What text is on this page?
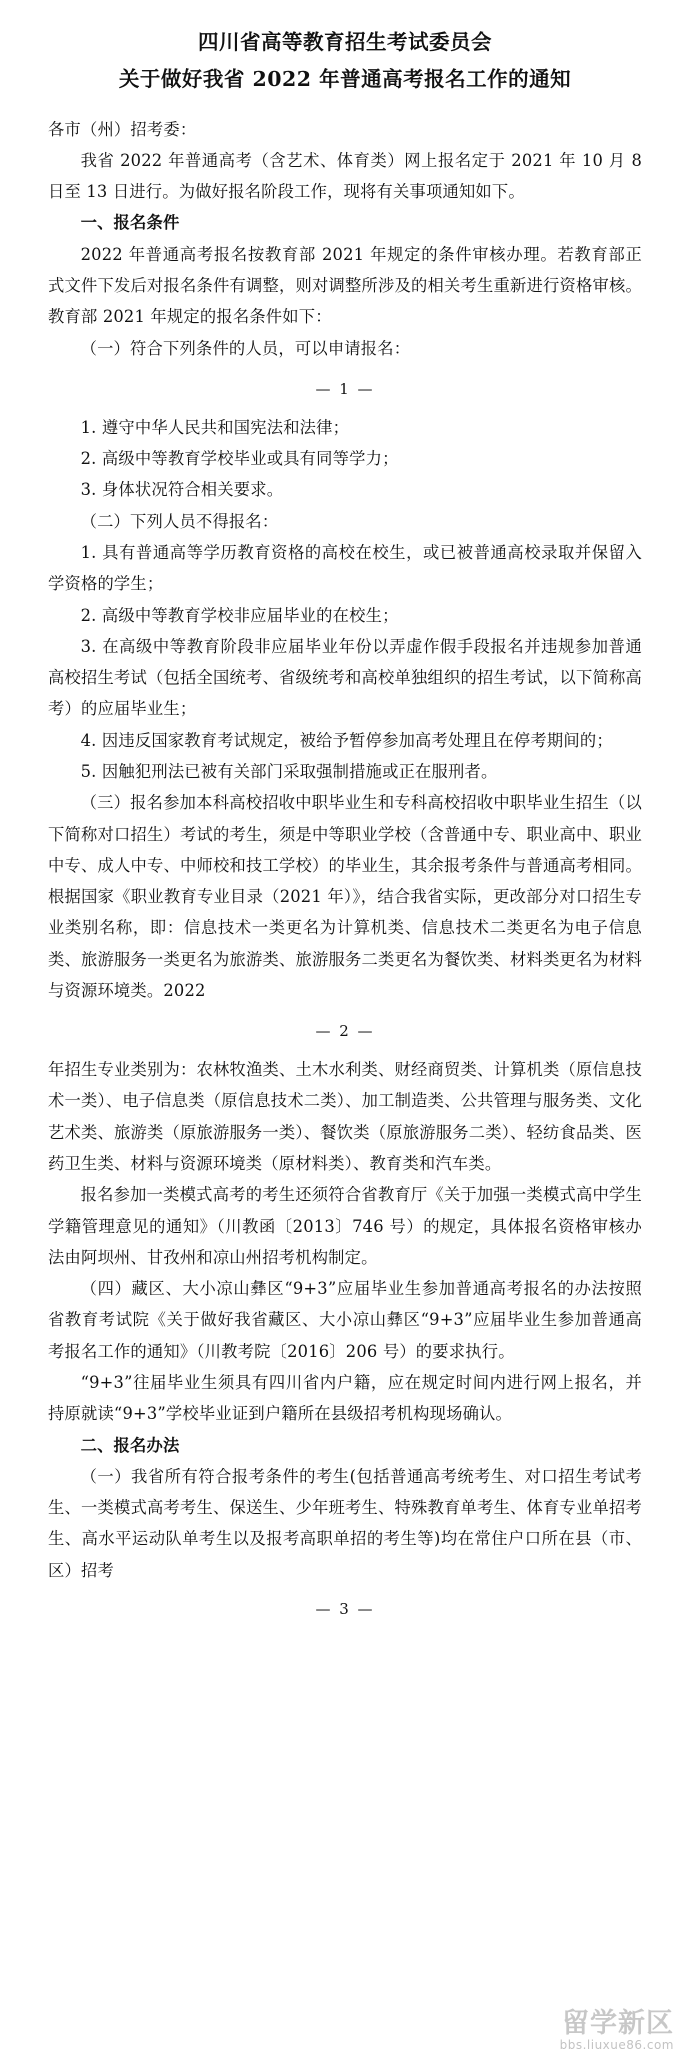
四川省高等教育招生考试委员会
关于做好我省 2022 年普通高考报名工作的通知

各市（州）招考委：

我省 2022 年普通高考（含艺术、体育类）网上报名定于 2021 年 10 月 8 日至 13 日进行。为做好报名阶段工作，现将有关事项通知如下。

一、报名条件

2022 年普通高考报名按教育部 2021 年规定的条件审核办理。若教育部正式文件下发后对报名条件有调整，则对调整所涉及的相关考生重新进行资格审核。教育部 2021 年规定的报名条件如下：

（一）符合下列条件的人员，可以申请报名：

— 1 —

1. 遵守中华人民共和国宪法和法律；

2. 高级中等教育学校毕业或具有同等学力；

3. 身体状况符合相关要求。

（二）下列人员不得报名：

1. 具有普通高等学历教育资格的高校在校生，或已被普通高校录取并保留入学资格的学生；

2. 高级中等教育学校非应届毕业的在校生；

3. 在高级中等教育阶段非应届毕业年份以弄虚作假手段报名并违规参加普通高校招生考试（包括全国统考、省级统考和高校单独组织的招生考试，以下简称高考）的应届毕业生；

4. 因违反国家教育考试规定，被给予暂停参加高考处理且在停考期间的；

5. 因触犯刑法已被有关部门采取强制措施或正在服刑者。

（三）报名参加本科高校招收中职毕业生和专科高校招收中职毕业生招生（以下简称对口招生）考试的考生，须是中等职业学校（含普通中专、职业高中、职业中专、成人中专、中师校和技工学校）的毕业生，其余报考条件与普通高考相同。根据国家《职业教育专业目录（2021 年）》，结合我省实际，更改部分对口招生专业类别名称，即：信息技术一类更名为计算机类、信息技术二类更名为电子信息类、旅游服务一类更名为旅游类、旅游服务二类更名为餐饮类、材料类更名为材料与资源环境类。2022

— 2 —

年招生专业类别为：农林牧渔类、土木水利类、财经商贸类、计算机类（原信息技术一类）、电子信息类（原信息技术二类）、加工制造类、公共管理与服务类、文化艺术类、旅游类（原旅游服务一类）、餐饮类（原旅游服务二类）、轻纺食品类、医药卫生类、材料与资源环境类（原材料类）、教育类和汽车类。

报名参加一类模式高考的考生还须符合省教育厅《关于加强一类模式高中学生学籍管理意见的通知》（川教函〔2013〕746 号）的规定，具体报名资格审核办法由阿坝州、甘孜州和凉山州招考机构制定。

（四）藏区、大小凉山彝区“9+3”应届毕业生参加普通高考报名的办法按照省教育考试院《关于做好我省藏区、大小凉山彝区“9+3”应届毕业生参加普通高考报名工作的通知》（川教考院〔2016〕206 号）的要求执行。

“9+3”往届毕业生须具有四川省内户籍，应在规定时间内进行网上报名，并持原就读“9+3”学校毕业证到户籍所在县级招考机构现场确认。

二、报名办法

（一）我省所有符合报考条件的考生(包括普通高考统考生、对口招生考试考生、一类模式高考考生、保送生、少年班考生、特殊教育单考生、体育专业单招考生、高水平运动队单考生以及报考高职单招的考生等)均在常住户口所在县（市、区）招考

— 3 —
留学新区
bbs.liuxue86.com
